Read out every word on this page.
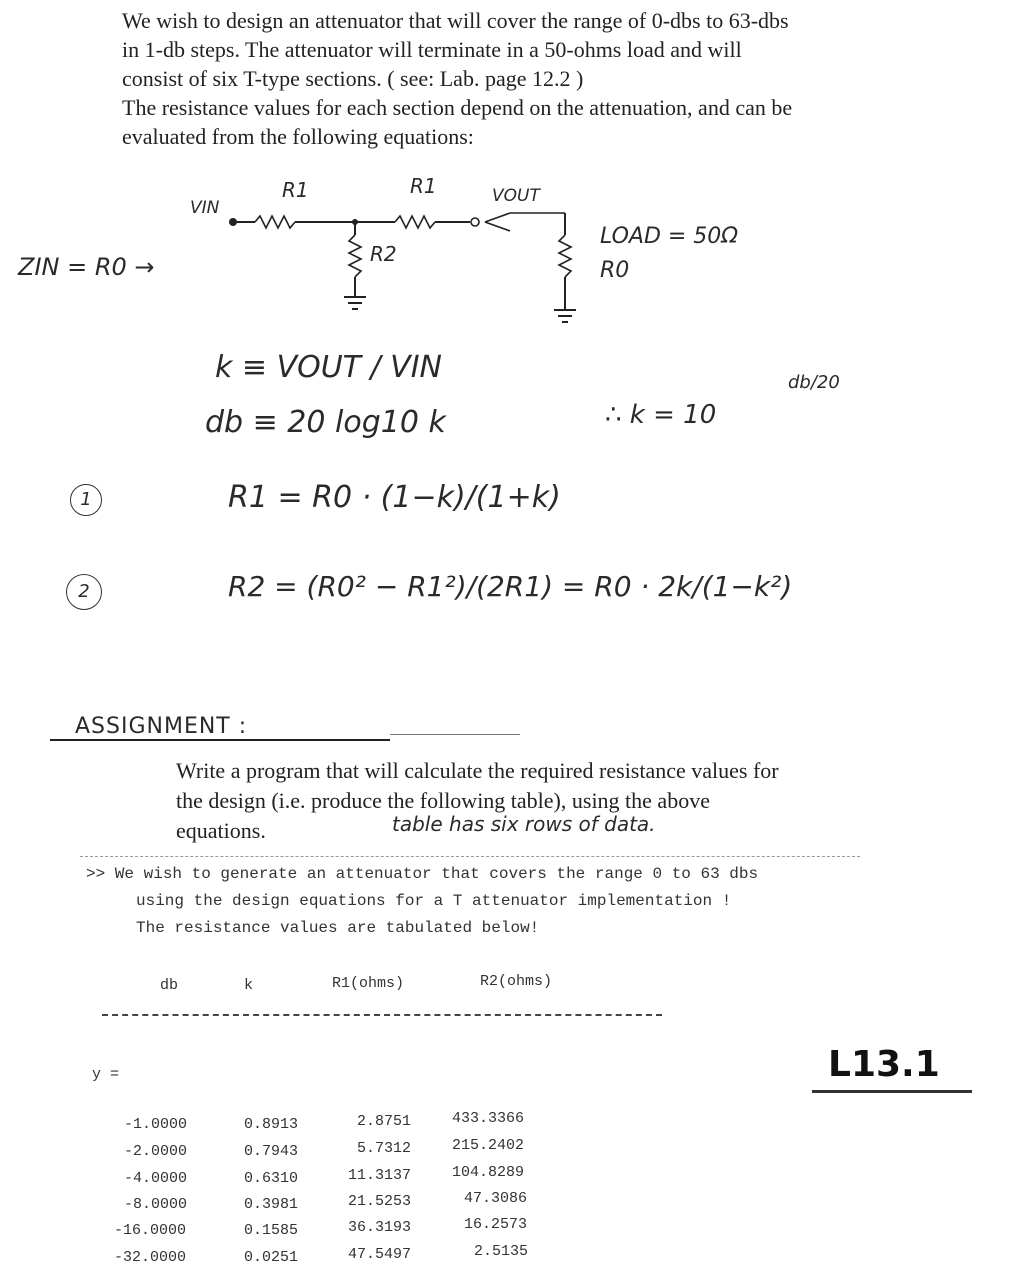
We wish to design an attenuator that will cover the range of 0-dbs to 63-dbs
in 1-db steps. The attenuator will terminate in a 50-ohms load and will
consist of six T-type sections. ( see: Lab. page 12.2 )
The resistance values for each section depend on the attenuation, and can be
evaluated from the following equations:
VIN
R1	R1	VOUT
R2
ZIN = R0 →
LOAD = 50Ω
R0
k ≡ VOUT / VIN
db ≡ 20 log10 k	∴ k = 10
db/20
1	R1 = R0 · (1−k)/(1+k)
2	R2 = (R0² − R1²)/(2R1) = R0 · 2k/(1−k²)
ASSIGNMENT :
Write a program that will calculate the required resistance values for
the design (i.e. produce the following table), using the above
equations.	table has six rows of data.
>> We wish to generate an attenuator that covers the range 0 to 63 dbs
using the design equations for a T attenuator implementation !
The resistance values are tabulated below!
db	k	R1(ohms)	R2(ohms)
y =
-1.0000	0.8913	2.8751	433.3366
-2.0000	0.7943	5.7312	215.2402
-4.0000	0.6310	11.3137	104.8289
-8.0000	0.3981	21.5253	47.3086
-16.0000	0.1585	36.3193	16.2573
-32.0000	0.0251	47.5497	2.5135
L13.1
